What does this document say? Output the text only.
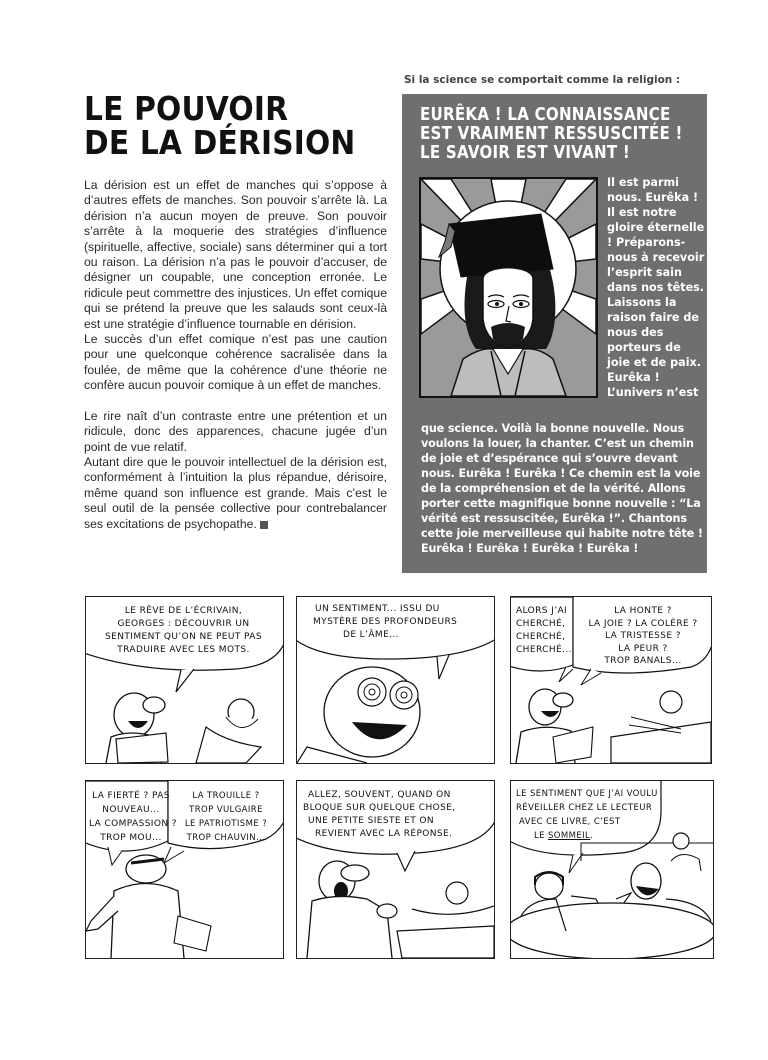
LE POUVOIR
DE LA DÉRISION

La dérision est un effet de manches qui s’oppose à d’autres effets de manches. Son pouvoir s’arrête là. La dérision n’a aucun moyen de preuve. Son pouvoir s’arrête à la moquerie des stratégies d’influence (spirituelle, affective, sociale) sans déterminer qui a tort ou raison. La dérision n’a pas le pouvoir d’accuser, de désigner un coupable, une conception erronée. Le ridicule peut commettre des injustices. Un effet comique qui se prétend la preuve que les salauds sont ceux-là est une stratégie d’influence tournable en dérision.

Le succès d’un effet comique n’est pas une caution pour une quelconque cohérence sacralisée dans la foulée, de même que la cohérence d’une théorie ne confère aucun pouvoir comique à un effet de manches.

Le rire naît d’un contraste entre une prétention et un ridicule, donc des apparences, chacune jugée d’un point de vue relatif.

Autant dire que le pouvoir intellectuel de la dérision est, conformément à l’intuition la plus répandue, dérisoire, même quand son influence est grande. Mais c’est le seul outil de la pensée collective pour contrebalancer ses excitations de psychopathe.

Si la science se comportait comme la religion :
EURÊKA ! LA CONNAISSANCE
EST VRAIMENT RESSUSCITÉE !
LE SAVOIR EST VIVANT !

Il est parmi nous. Eurêka ! Il est notre gloire éternelle ! Préparons-nous à recevoir l’esprit sain dans nos têtes. Laissons la raison faire de nous des porteurs de joie et de paix. Eurêka ! L’univers n’est

que science. Voilà la bonne nouvelle. Nous voulons la louer, la chanter. C’est un chemin de joie et d’espérance qui s’ouvre devant nous. Eurêka ! Eurêka ! Ce chemin est la voie de la compréhension et de la vérité. Allons porter cette magnifique bonne nouvelle : “La vérité est ressuscitée, Eurêka !”. Chantons cette joie merveilleuse qui habite notre tête ! Eurêka ! Eurêka ! Eurêka ! Eurêka !

LE RÊVE DE L’ÉCRIVAIN,
GEORGES : DÉCOUVRIR UN
SENTIMENT QU’ON NE PEUT PAS
TRADUIRE AVEC LES MOTS.
UN SENTIMENT... ISSU DU
MYSTÈRE DES PROFONDEURS
DE L’ÂME...
ALORS J’AI
CHERCHÉ,
CHERCHÉ,
CHERCHÉ...
LA HONTE ?
LA JOIE ? LA COLÈRE ?
LA TRISTESSE ?
LA PEUR ?
TROP BANALS...
LA FIERTÉ ? PAS
NOUVEAU...
LA COMPASSION ?
TROP MOU...
LA TROUILLE ?
TROP VULGAIRE
LE PATRIOTISME ?
TROP CHAUVIN...
ALLEZ, SOUVENT, QUAND ON
BLOQUE SUR QUELQUE CHOSE,
UNE PETITE SIESTE ET ON
REVIENT AVEC LA RÉPONSE.
LE SENTIMENT QUE J’AI VOULU
RÉVEILLER CHEZ LE LECTEUR
AVEC CE LIVRE, C’EST
LE SOMMEIL.
